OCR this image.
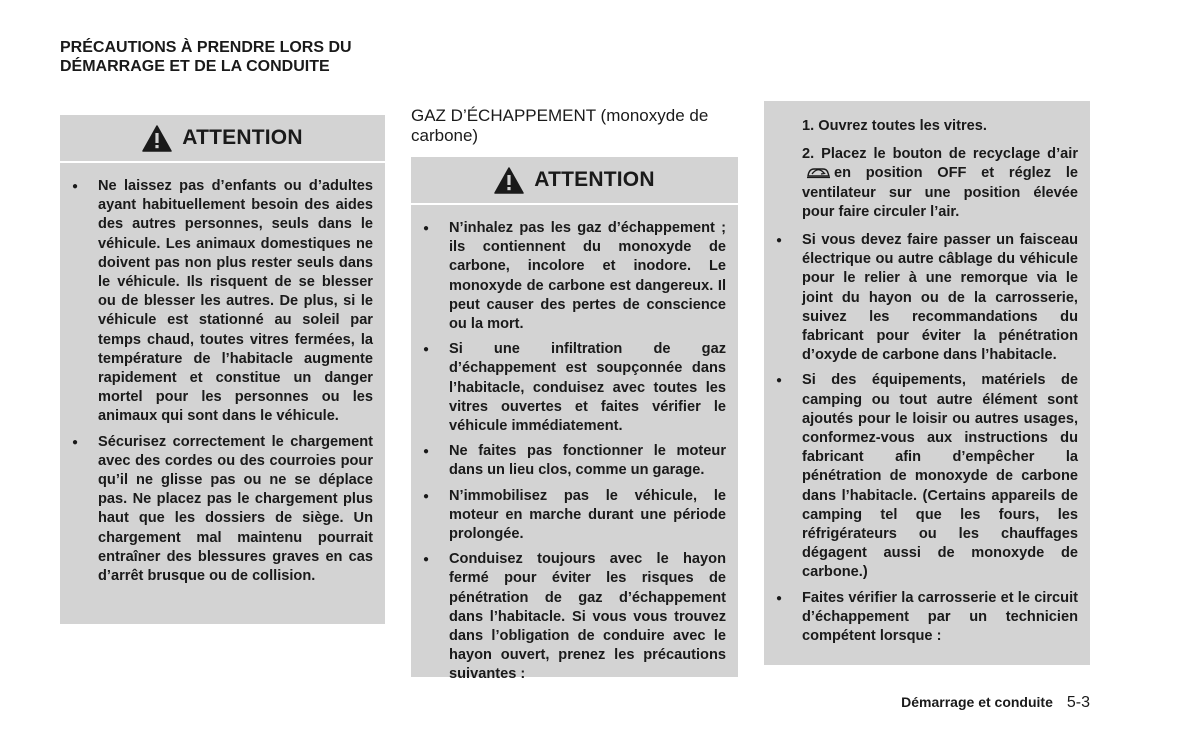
PRÉCAUTIONS À PRENDRE LORS DU DÉMARRAGE ET DE LA CONDUITE
ATTENTION
● Ne laissez pas d’enfants ou d’adultes ayant habituellement besoin des aides des autres personnes, seuls dans le véhicule. Les animaux domestiques ne doivent pas non plus rester seuls dans le véhicule. Ils risquent de se blesser ou de blesser les autres. De plus, si le véhicule est stationné au soleil par temps chaud, toutes vitres fermées, la température de l’habitacle augmente rapidement et constitue un danger mortel pour les personnes ou les animaux qui sont dans le véhicule.
● Sécurisez correctement le chargement avec des cordes ou des courroies pour qu’il ne glisse pas ou ne se déplace pas. Ne placez pas le chargement plus haut que les dossiers de siège. Un chargement mal maintenu pourrait entraîner des blessures graves en cas d’arrêt brusque ou de collision.
GAZ D’ÉCHAPPEMENT (monoxyde de carbone)
ATTENTION
● N’inhalez pas les gaz d’échappement ; ils contiennent du monoxyde de carbone, incolore et inodore. Le monoxyde de carbone est dangereux. Il peut causer des pertes de conscience ou la mort.
● Si une infiltration de gaz d’échappement est soupçonnée dans l’habitacle, conduisez avec toutes les vitres ouvertes et faites vérifier le véhicule immédiatement.
● Ne faites pas fonctionner le moteur dans un lieu clos, comme un garage.
● N’immobilisez pas le véhicule, le moteur en marche durant une période prolongée.
● Conduisez toujours avec le hayon fermé pour éviter les risques de pénétration de gaz d’échappement dans l’habitacle. Si vous vous trouvez dans l’obligation de conduire avec le hayon ouvert, prenez les précautions suivantes :

1. Ouvrez toutes les vitres.

2. Placez le bouton de recyclage d’airen position OFF et réglez le ventilateur sur une position élevée pour faire circuler l’air.

● Si vous devez faire passer un faisceau électrique ou autre câblage du véhicule pour le relier à une remorque via le joint du hayon ou de la carrosserie, suivez les recommandations du fabricant pour éviter la pénétration d’oxyde de carbone dans l’habitacle.
● Si des équipements, matériels de camping ou tout autre élément sont ajoutés pour le loisir ou autres usages, conformez-vous aux instructions du fabricant afin d’empêcher la pénétration de monoxyde de carbone dans l’habitacle. (Certains appareils de camping tel que les fours, les réfrigérateurs ou les chauffages dégagent aussi de monoxyde de carbone.)
● Faites vérifier la carrosserie et le circuit d’échappement par un technicien compétent lorsque :
Démarrage et conduite 5-3
